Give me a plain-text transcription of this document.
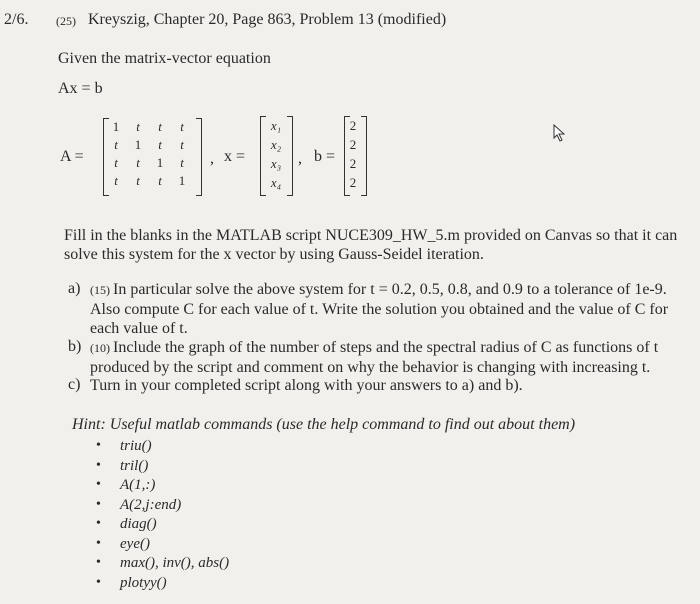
2/6. (25) Kreyszig, Chapter 20, Page 863, Problem 13 (modified)
Given the matrix-vector equation
Ax = b
A =
1	t	t	t
t	1	t	t
t	t	1	t
t	t	t	1
, x =
x₁
x₂
x₃
x₄
, b =
2
2
2
2
Fill in the blanks in the MATLAB script NUCE309_HW_5.m provided on Canvas so that it can solve this system for the x vector by using Gauss-Seidel iteration.
a) (15) In particular solve the above system for t = 0.2, 0.5, 0.8, and 0.9 to a tolerance of 1e-9. Also compute C for each value of t. Write the solution you obtained and the value of C for each value of t.
b) (10) Include the graph of the number of steps and the spectral radius of C as functions of t produced by the script and comment on why the behavior is changing with increasing t.
c) Turn in your completed script along with your answers to a) and b).
Hint: Useful matlab commands (use the help command to find out about them)
• triu()
• tril()
• A(1,:)
• A(2,j:end)
• diag()
• eye()
• max(), inv(), abs()
• plotyy()
